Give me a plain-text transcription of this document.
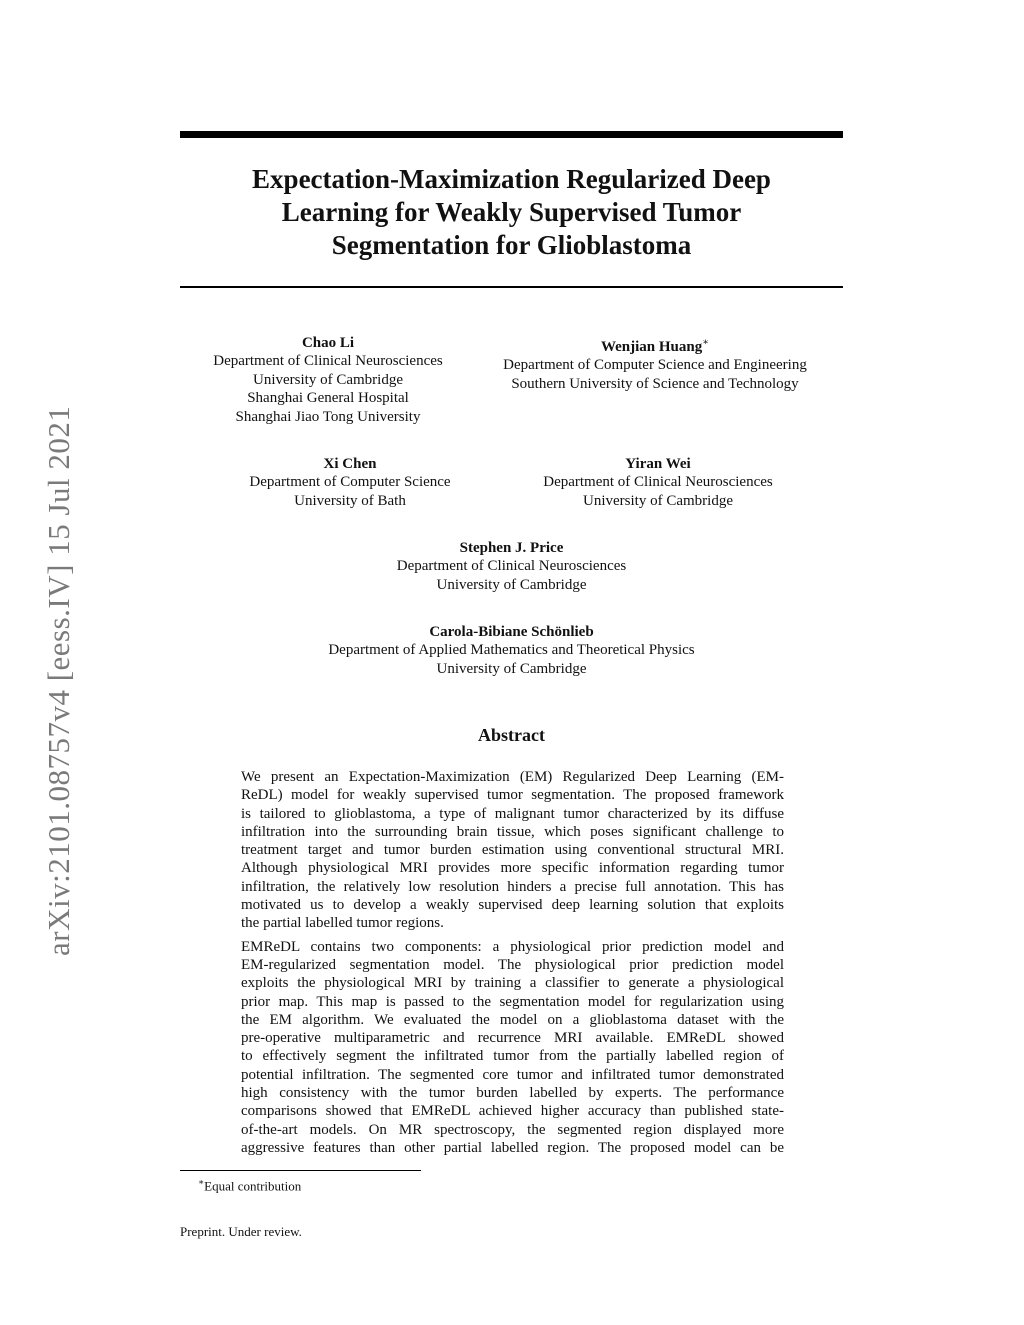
arXiv:2101.08757v4 [eess.IV] 15 Jul 2021
Expectation-Maximization Regularized Deep
Learning for Weakly Supervised Tumor
Segmentation for Glioblastoma
Chao Li
Department of Clinical Neurosciences
University of Cambridge
Shanghai General Hospital
Shanghai Jiao Tong University
Wenjian Huang∗
Department of Computer Science and Engineering
Southern University of Science and Technology
Xi Chen
Department of Computer Science
University of Bath
Yiran Wei
Department of Clinical Neurosciences
University of Cambridge
Stephen J. Price
Department of Clinical Neurosciences
University of Cambridge
Carola-Bibiane Schönlieb
Department of Applied Mathematics and Theoretical Physics
University of Cambridge
Abstract

We present an Expectation-Maximization (EM) Regularized Deep Learning (EM-
ReDL) model for weakly supervised tumor segmentation. The proposed framework
is tailored to glioblastoma, a type of malignant tumor characterized by its diffuse
infiltration into the surrounding brain tissue, which poses significant challenge to
treatment target and tumor burden estimation using conventional structural MRI.
Although physiological MRI provides more specific information regarding tumor
infiltration, the relatively low resolution hinders a precise full annotation. This has
motivated us to develop a weakly supervised deep learning solution that exploits
the partial labelled tumor regions.

EMReDL contains two components: a physiological prior prediction model and
EM-regularized segmentation model. The physiological prior prediction model
exploits the physiological MRI by training a classifier to generate a physiological
prior map. This map is passed to the segmentation model for regularization using
the EM algorithm. We evaluated the model on a glioblastoma dataset with the
pre-operative multiparametric and recurrence MRI available. EMReDL showed
to effectively segment the infiltrated tumor from the partially labelled region of
potential infiltration. The segmented core tumor and infiltrated tumor demonstrated
high consistency with the tumor burden labelled by experts. The performance
comparisons showed that EMReDL achieved higher accuracy than published state-
of-the-art models. On MR spectroscopy, the segmented region displayed more
aggressive features than other partial labelled region. The proposed model can be

∗Equal contribution
Preprint. Under review.
